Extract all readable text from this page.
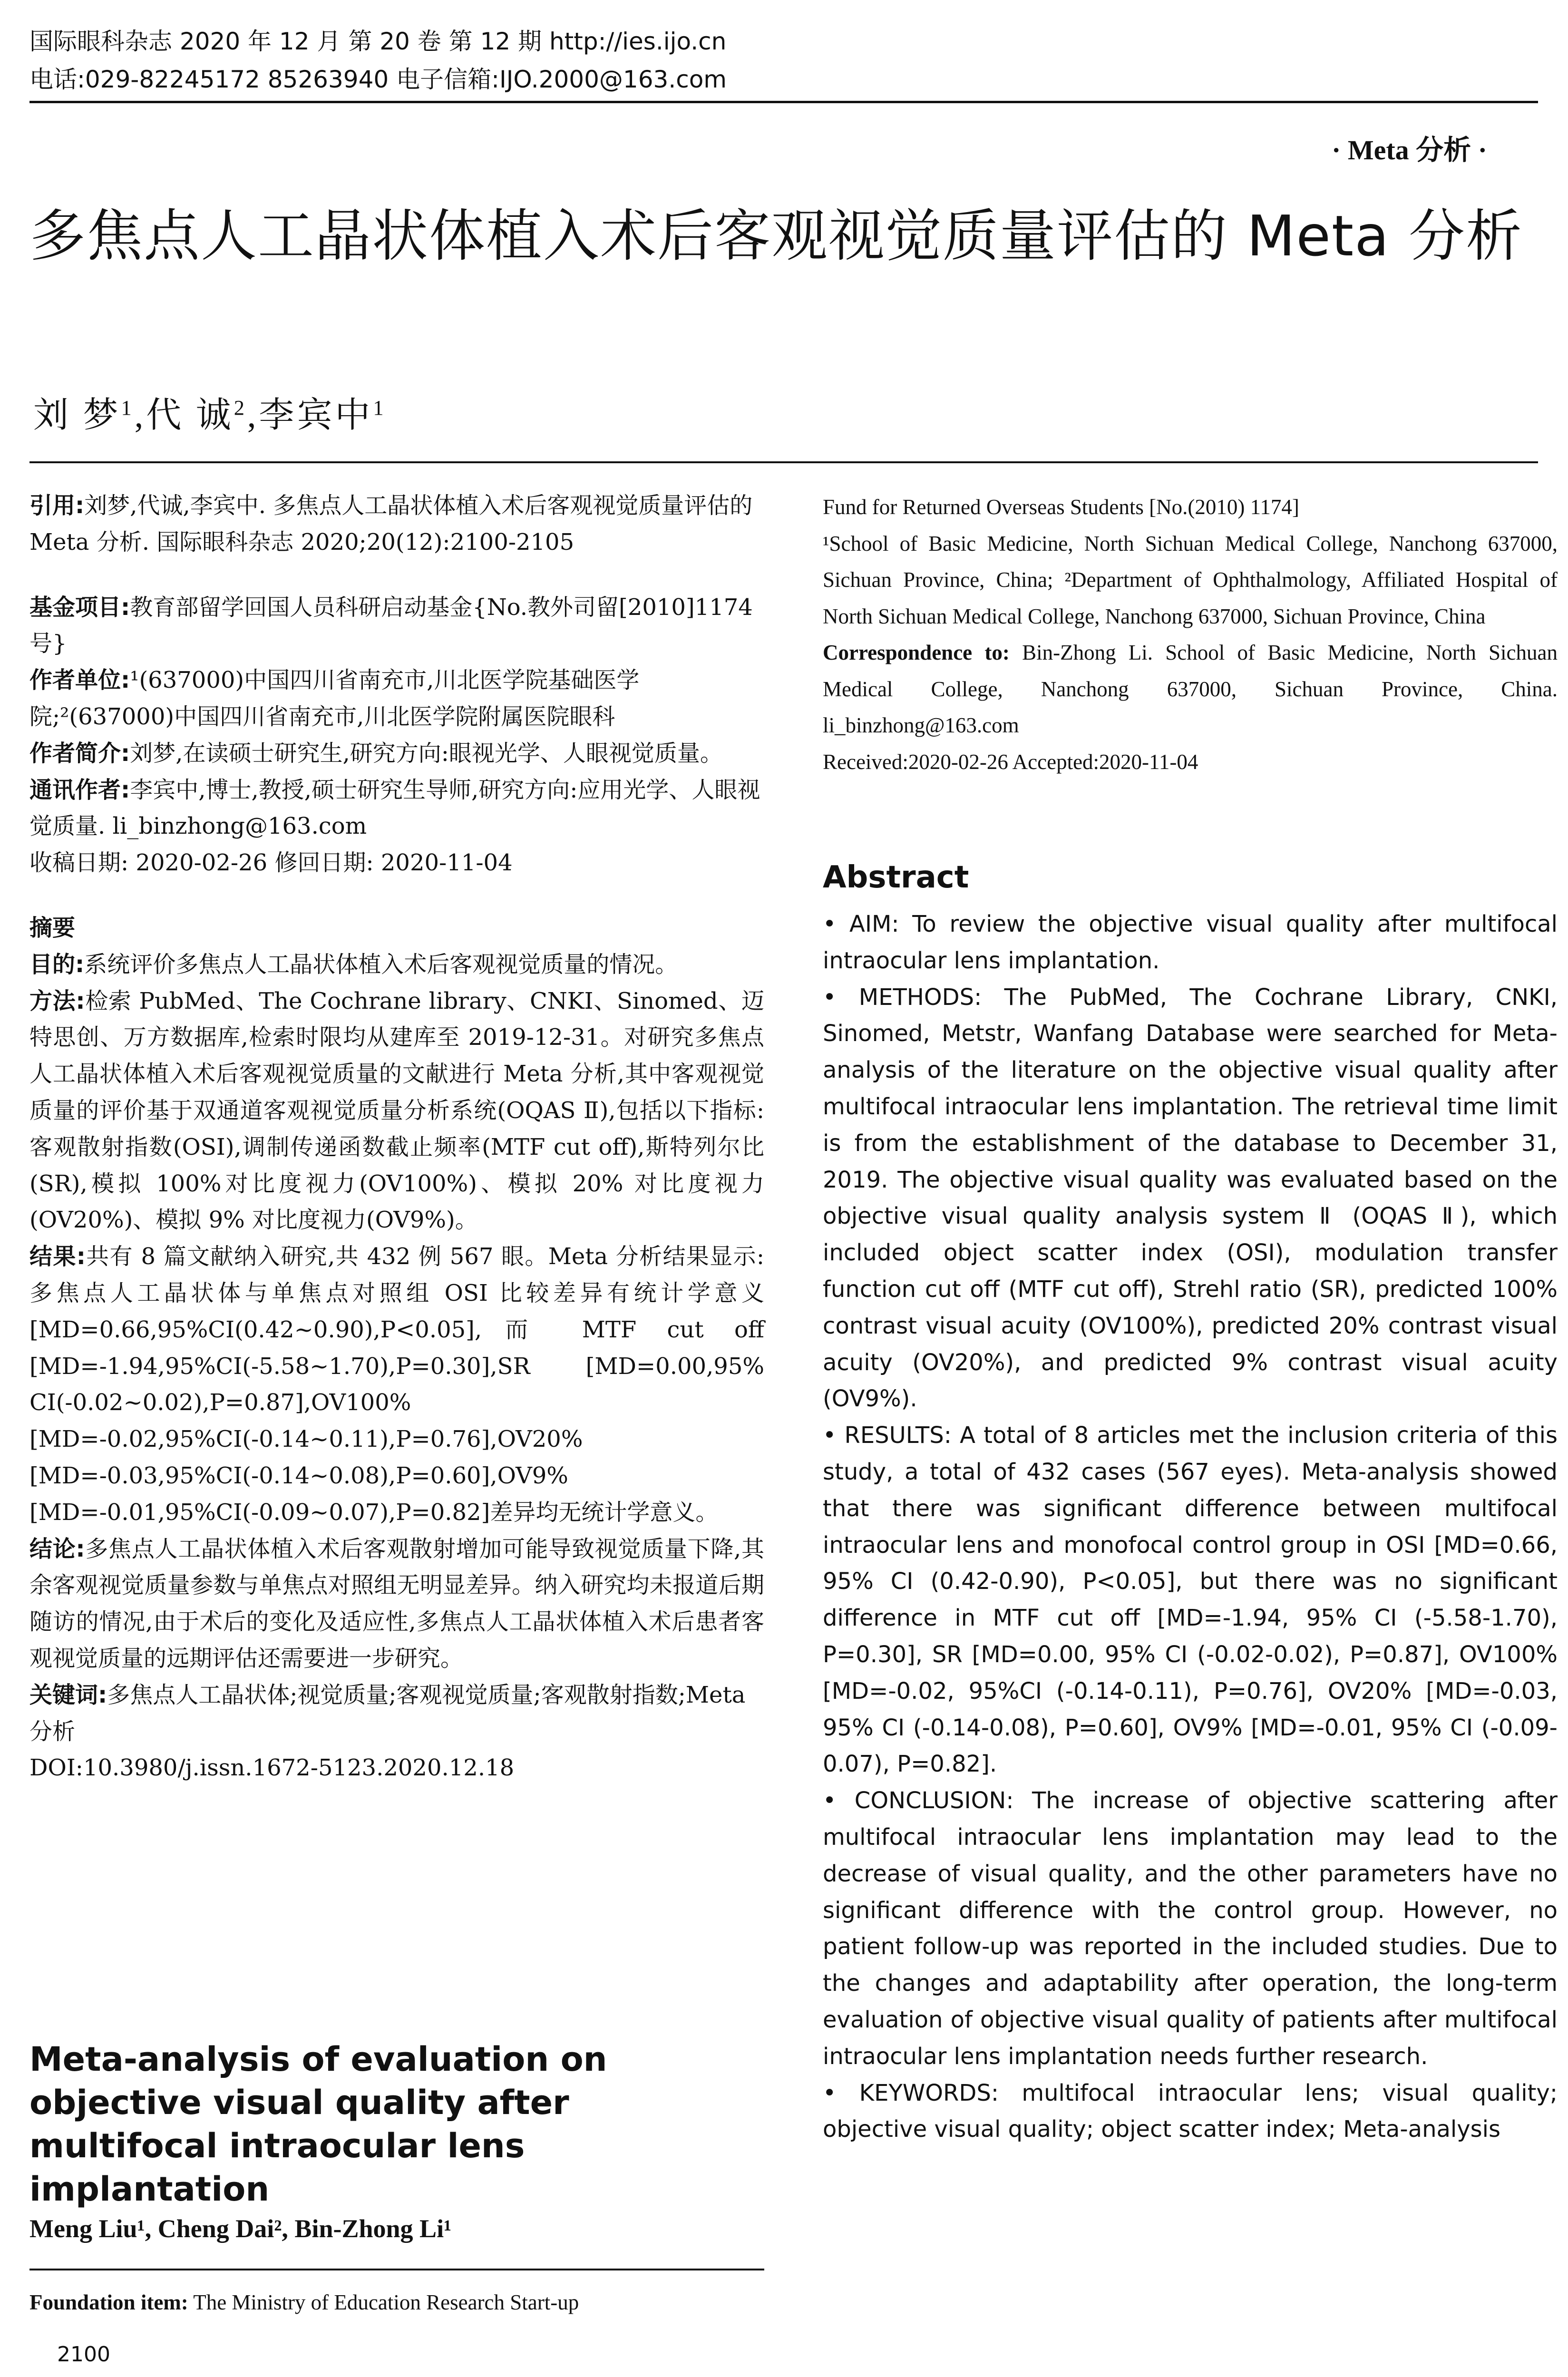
国际眼科杂志 2020 年 12 月 第 20 卷 第 12 期 http://ies.ijo.cn
电话:029-82245172 85263940 电子信箱:IJO.2000@163.com
· Meta 分析 ·
多焦点人工晶状体植入术后客观视觉质量评估的 Meta 分析
刘 梦$^1$,代 诚$^2$,李宾中$^1$

引用:刘梦,代诚,李宾中. 多焦点人工晶状体植入术后客观视觉质量评估的 Meta 分析. 国际眼科杂志 2020;20(12):2100-2105

基金项目:教育部留学回国人员科研启动基金{No.教外司留[2010]1174 号}

作者单位:¹(637000)中国四川省南充市,川北医学院基础医学院;²(637000)中国四川省南充市,川北医学院附属医院眼科

作者简介:刘梦,在读硕士研究生,研究方向:眼视光学、人眼视觉质量。

通讯作者:李宾中,博士,教授,硕士研究生导师,研究方向:应用光学、人眼视觉质量. li_binzhong@163.com

收稿日期: 2020-02-26 修回日期: 2020-11-04

摘要

目的:系统评价多焦点人工晶状体植入术后客观视觉质量的情况。

方法:检索 PubMed、The Cochrane library、CNKI、Sinomed、迈特思创、万方数据库,检索时限均从建库至 2019-12-31。对研究多焦点人工晶状体植入术后客观视觉质量的文献进行 Meta 分析,其中客观视觉质量的评价基于双通道客观视觉质量分析系统(OQAS Ⅱ),包括以下指标:客观散射指数(OSI),调制传递函数截止频率(MTF cut off),斯特列尔比(SR),模拟 100%对比度视力(OV100%)、模拟 20% 对比度视力(OV20%)、模拟 9% 对比度视力(OV9%)。

结果:共有 8 篇文献纳入研究,共 432 例 567 眼。Meta 分析结果显示:多焦点人工晶状体与单焦点对照组 OSI 比较差异有统计学意义[MD=0.66,95%CI(0.42~0.90),P<0.05],而 MTF cut off [MD=-1.94,95%CI(-5.58~1.70),P=0.30],SR [MD=0.00,95% CI(-0.02~0.02),P=0.87],OV100% [MD=-0.02,95%CI(-0.14~0.11),P=0.76],OV20% [MD=-0.03,95%CI(-0.14~0.08),P=0.60],OV9% [MD=-0.01,95%CI(-0.09~0.07),P=0.82]差异均无统计学意义。

结论:多焦点人工晶状体植入术后客观散射增加可能导致视觉质量下降,其余客观视觉质量参数与单焦点对照组无明显差异。纳入研究均未报道后期随访的情况,由于术后的变化及适应性,多焦点人工晶状体植入术后患者客观视觉质量的远期评估还需要进一步研究。

关键词:多焦点人工晶状体;视觉质量;客观视觉质量;客观散射指数;Meta 分析

DOI:10.3980/j.issn.1672-5123.2020.12.18

Meta-analysis of evaluation on objective visual quality after multifocal intraocular lens implantation
Meng Liu¹, Cheng Dai², Bin-Zhong Li¹
Foundation item: The Ministry of Education Research Start-up
2100

Fund for Returned Overseas Students [No.(2010) 1174]

¹School of Basic Medicine, North Sichuan Medical College, Nanchong 637000, Sichuan Province, China; ²Department of Ophthalmology, Affiliated Hospital of North Sichuan Medical College, Nanchong 637000, Sichuan Province, China

Correspondence to: Bin-Zhong Li. School of Basic Medicine, North Sichuan Medical College, Nanchong 637000, Sichuan Province, China. li_binzhong@163.com

Received:2020-02-26 Accepted:2020-11-04

Abstract

• AIM: To review the objective visual quality after multifocal intraocular lens implantation.

• METHODS: The PubMed, The Cochrane Library, CNKI, Sinomed, Metstr, Wanfang Database were searched for Meta-analysis of the literature on the objective visual quality after multifocal intraocular lens implantation. The retrieval time limit is from the establishment of the database to December 31, 2019. The objective visual quality was evaluated based on the objective visual quality analysis system Ⅱ (OQAS Ⅱ), which included object scatter index (OSI), modulation transfer function cut off (MTF cut off), Strehl ratio (SR), predicted 100% contrast visual acuity (OV100%), predicted 20% contrast visual acuity (OV20%), and predicted 9% contrast visual acuity (OV9%).

• RESULTS: A total of 8 articles met the inclusion criteria of this study, a total of 432 cases (567 eyes). Meta-analysis showed that there was significant difference between multifocal intraocular lens and monofocal control group in OSI [MD=0.66, 95% CI (0.42-0.90), P<0.05], but there was no significant difference in MTF cut off [MD=-1.94, 95% CI (-5.58-1.70), P=0.30], SR [MD=0.00, 95% CI (-0.02-0.02), P=0.87], OV100% [MD=-0.02, 95%CI (-0.14-0.11), P=0.76], OV20% [MD=-0.03, 95% CI (-0.14-0.08), P=0.60], OV9% [MD=-0.01, 95% CI (-0.09-0.07), P=0.82].

• CONCLUSION: The increase of objective scattering after multifocal intraocular lens implantation may lead to the decrease of visual quality, and the other parameters have no significant difference with the control group. However, no patient follow-up was reported in the included studies. Due to the changes and adaptability after operation, the long-term evaluation of objective visual quality of patients after multifocal intraocular lens implantation needs further research.

• KEYWORDS: multifocal intraocular lens; visual quality; objective visual quality; object scatter index; Meta-analysis
